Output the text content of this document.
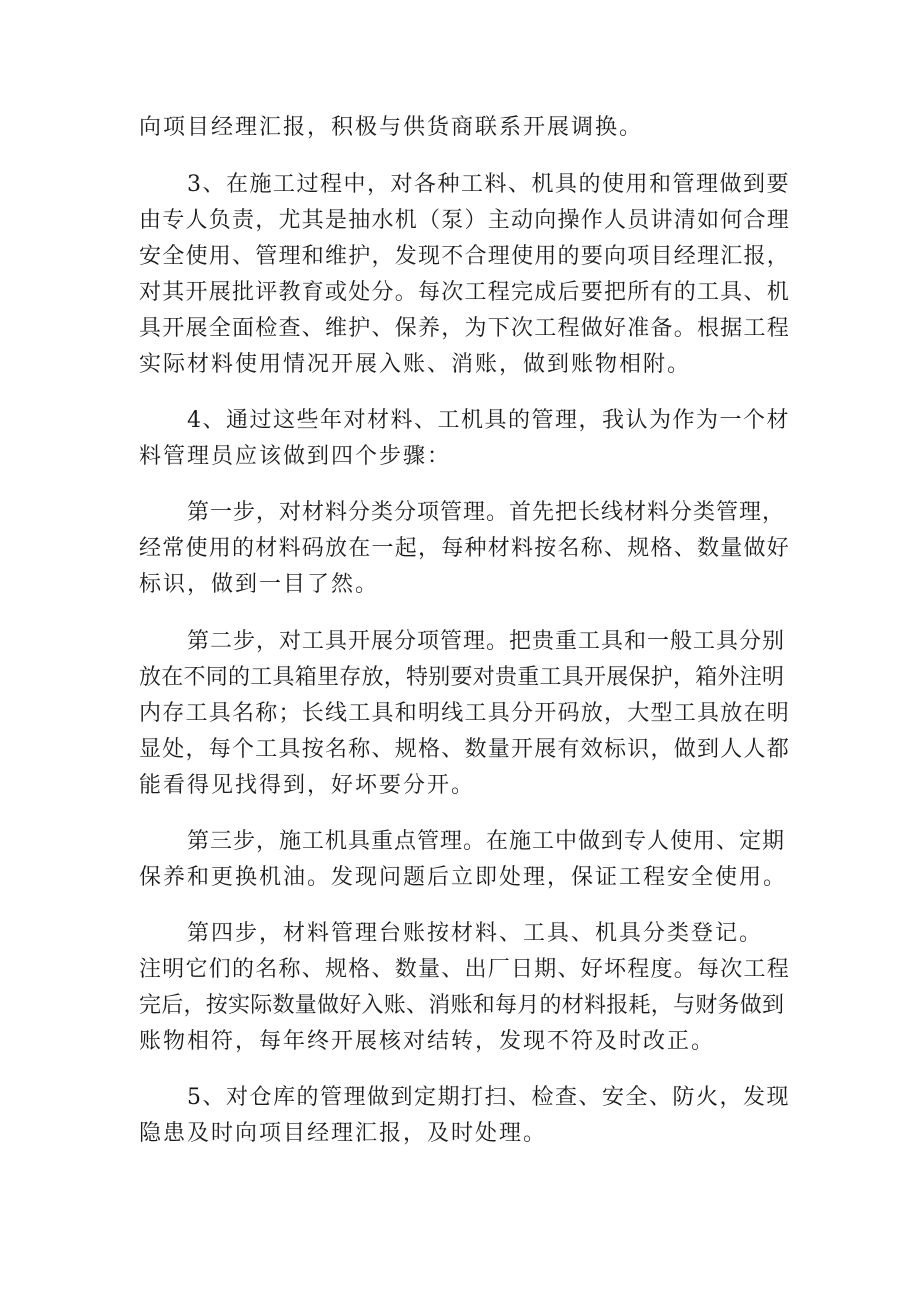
向项目经理汇报，积极与供货商联系开展调换。
3、在施工过程中，对各种工料、机具的使用和管理做到要
由专人负责，尤其是抽水机（泵）主动向操作人员讲清如何合理
安全使用、管理和维护，发现不合理使用的要向项目经理汇报，
对其开展批评教育或处分。每次工程完成后要把所有的工具、机
具开展全面检查、维护、保养，为下次工程做好准备。根据工程
实际材料使用情况开展入账、消账，做到账物相附。
4、通过这些年对材料、工机具的管理，我认为作为一个材
料管理员应该做到四个步骤：
第一步，对材料分类分项管理。首先把长线材料分类管理，
经常使用的材料码放在一起，每种材料按名称、规格、数量做好
标识，做到一目了然。
第二步，对工具开展分项管理。把贵重工具和一般工具分别
放在不同的工具箱里存放，特别要对贵重工具开展保护，箱外注明
内存工具名称；长线工具和明线工具分开码放，大型工具放在明
显处，每个工具按名称、规格、数量开展有效标识，做到人人都
能看得见找得到，好坏要分开。
第三步，施工机具重点管理。在施工中做到专人使用、定期
保养和更换机油。发现问题后立即处理，保证工程安全使用。
第四步，材料管理台账按材料、工具、机具分类登记。
注明它们的名称、规格、数量、出厂日期、好坏程度。每次工程
完后，按实际数量做好入账、消账和每月的材料报耗，与财务做到
账物相符，每年终开展核对结转，发现不符及时改正。
5、对仓库的管理做到定期打扫、检查、安全、防火，发现
隐患及时向项目经理汇报，及时处理。
